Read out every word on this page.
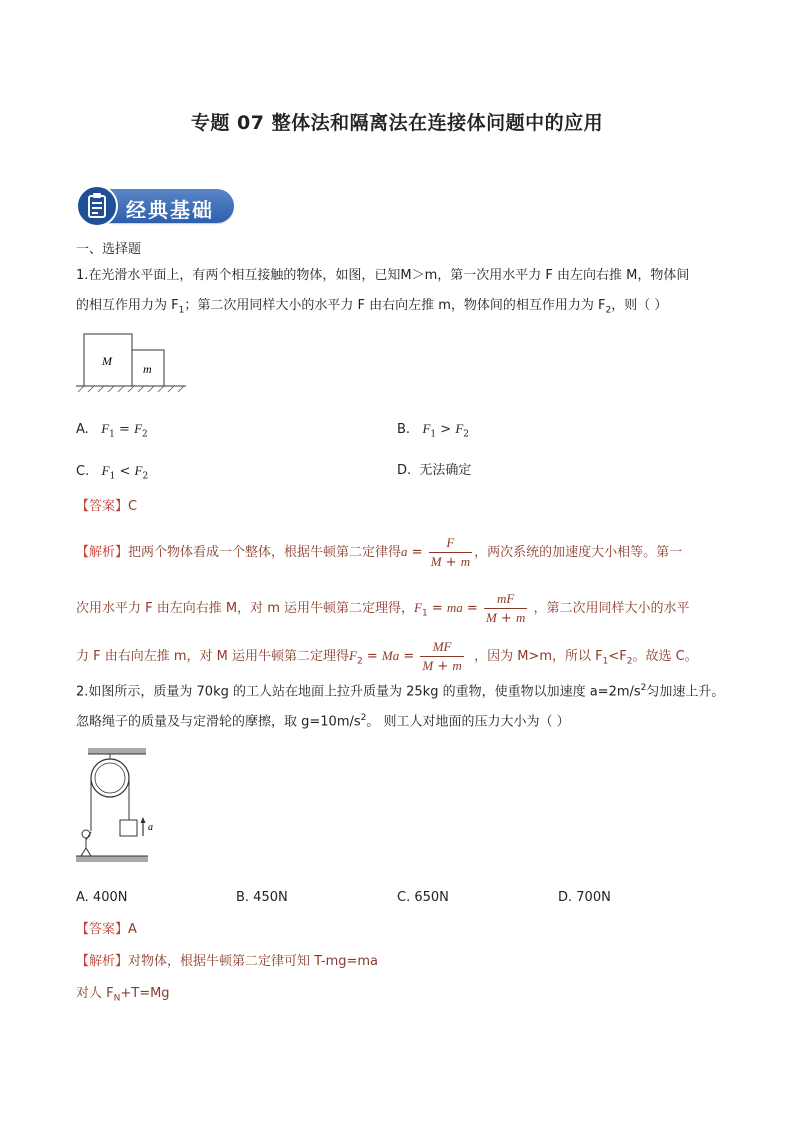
专题 07 整体法和隔离法在连接体问题中的应用
经典基础
一、选择题
1.在光滑水平面上，有两个相互接触的物体，如图，已知M＞m，第一次用水平力 F 由左向右推 M，物体间
的相互作用力为 $F_1$；第二次用同样大小的水平力 F 由右向左推 m，物体间的相互作用力为 $F_2$，则（ ）
M
m
A. $F_1 = F_2$	B. $F_1 > F_2$
C. $F_1 < F_2$	D. 无法确定
【答案】C
【解析】把两个物体看成一个整体，根据牛顿第二定律得$a = \frac{F}{M + m}$ ，两次系统的加速度大小相等。第一
次用水平力 F 由左向右推 M，对 m 运用牛顿第二定理得，$F_1$ = ma = $\frac{mF}{M + m}$ ，第二次用同样大小的水平
力 F 由右向左推 m，对 M 运用牛顿第二定理得$F_2 = Ma = \frac{MF}{M + m}$ ，因为 M>m，所以 $F_1<F_2$。故选 C。
2.如图所示，质量为 70kg 的工人站在地面上拉升质量为 25kg 的重物，使重物以加速度 $a=2m/s^2$匀加速上升。
忽略绳子的质量及与定滑轮的摩擦，取 $g=10m/s^2$。 则工人对地面的压力大小为（ ）
a
A. 400N	B. 450N	C. 650N	D. 700N
【答案】A
【解析】对物体，根据牛顿第二定律可知 T-mg=ma
对人 $F_N+T=Mg$
